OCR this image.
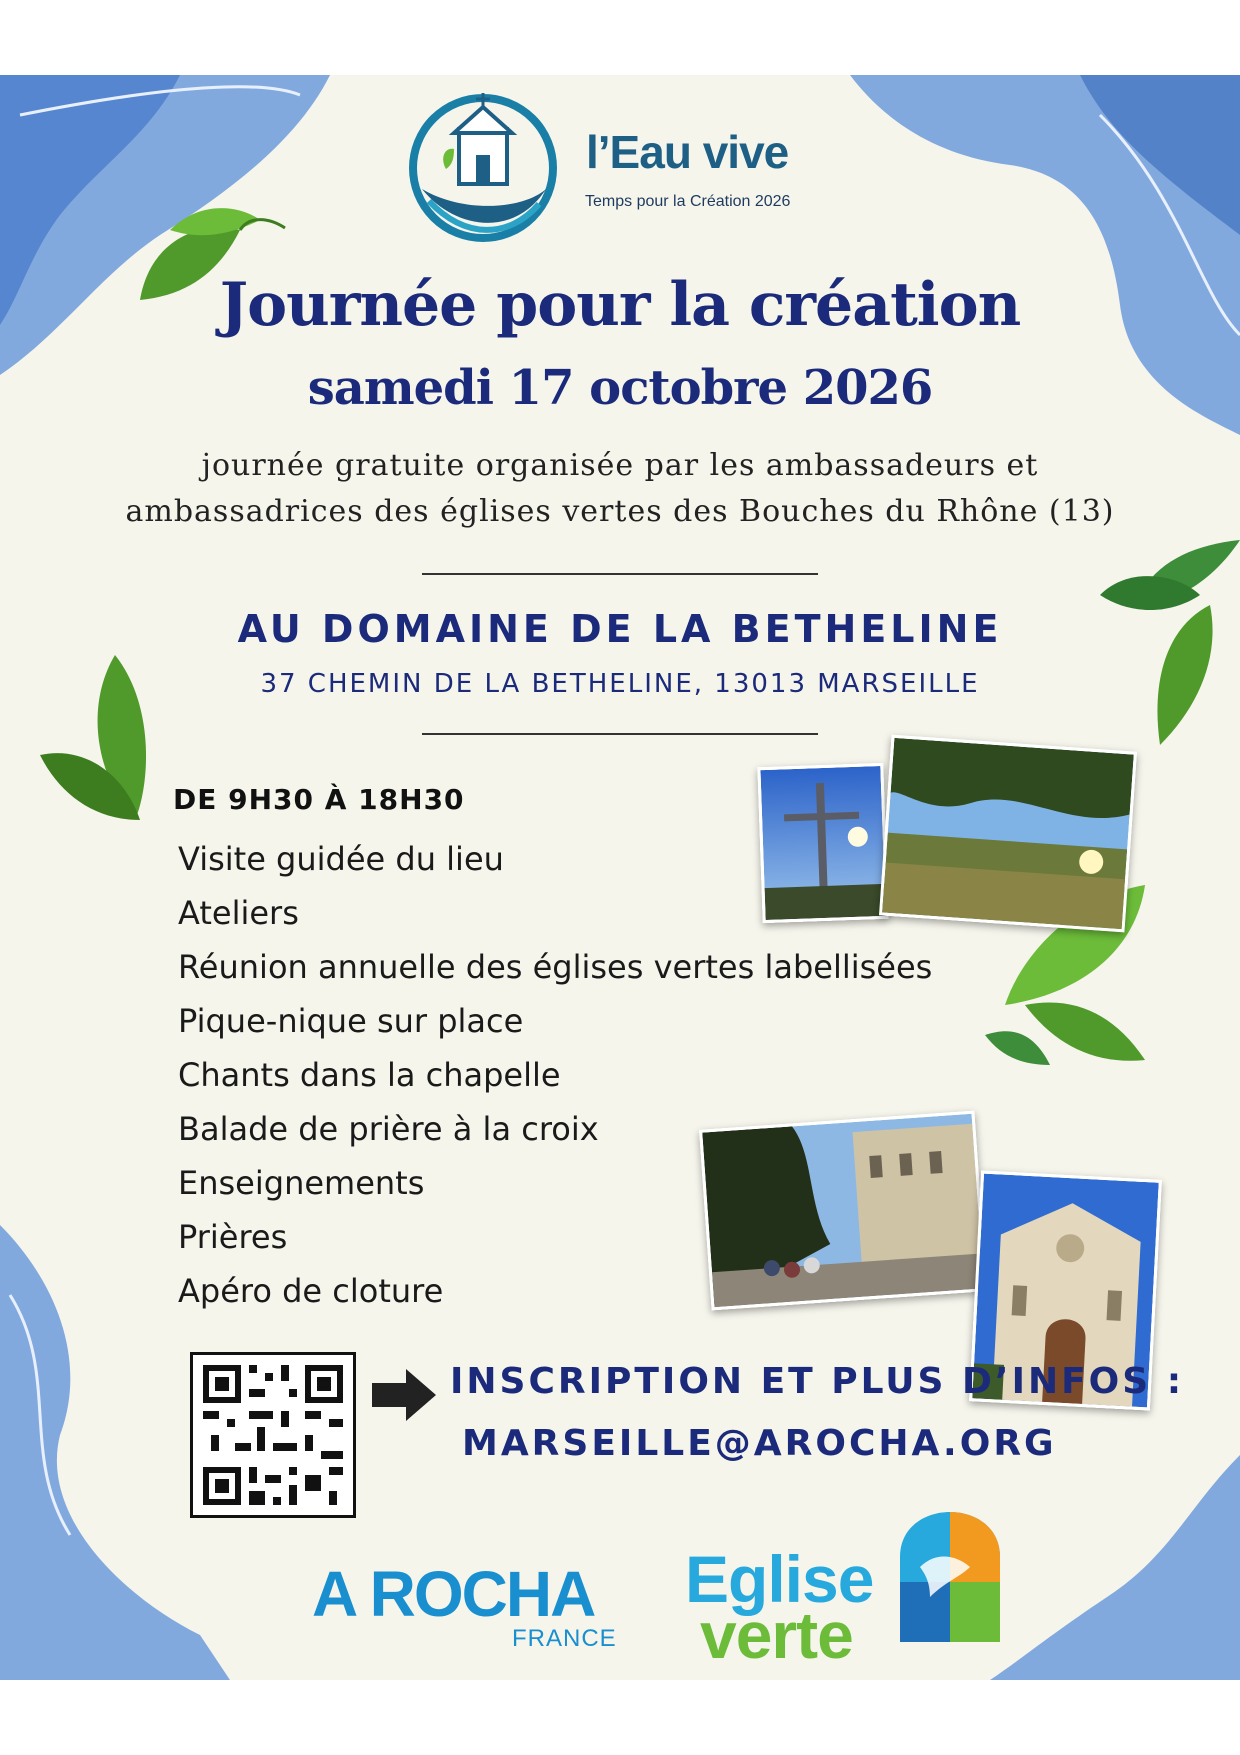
l’Eau vive
Temps pour la Création 2026
Journée pour la création
samedi 17 octobre 2026
journée gratuite organisée par les ambassadeurs et
ambassadrices des églises vertes des Bouches du Rhône (13)
AU DOMAINE DE LA BETHELINE
37 CHEMIN DE LA BETHELINE, 13013 MARSEILLE
DE 9H30 À 18H30
Visite guidée du lieu
Ateliers
Réunion annuelle des églises vertes labellisées
Pique-nique sur place
Chants dans la chapelle
Balade de prière à la croix
Enseignements
Prières
Apéro de cloture
INSCRIPTION ET PLUS D’INFOS :
MARSEILLE@AROCHA.ORG
A ROCHA
FRANCE
Eglise
verte
